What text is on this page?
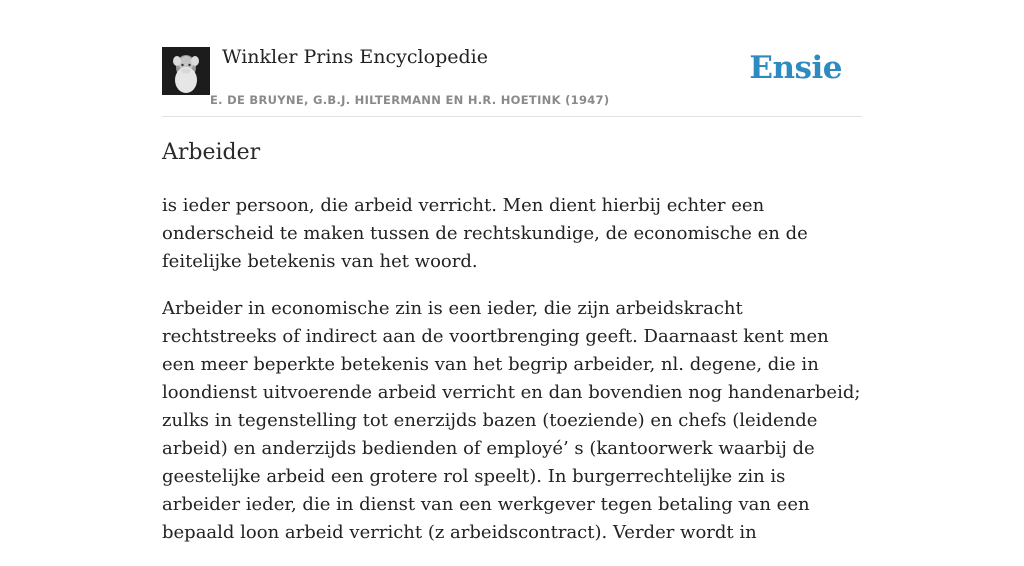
Winkler Prins Encyclopedie
E. DE BRUYNE, G.B.J. HILTERMANN EN H.R. HOETINK (1947)
Ensie
Arbeider

is ieder persoon, die arbeid verricht. Men dient hierbij echter een onderscheid te maken tussen de rechtskundige, de economische en de feitelijke betekenis van het woord.

Arbeider in economische zin is een ieder, die zijn arbeidskracht rechtstreeks of indirect aan de voortbrenging geeft. Daarnaast kent men een meer beperkte betekenis van het begrip arbeider, nl. degene, die in loondienst uitvoerende arbeid verricht en dan bovendien nog handenarbeid; zulks in tegenstelling tot enerzijds bazen (toeziende) en chefs (leidende arbeid) en anderzijds bedienden of employé’ s (kantoorwerk waarbij de geestelijke arbeid een grotere rol speelt). In burgerrechtelijke zin is arbeider ieder, die in dienst van een werkgever tegen betaling van een bepaald loon arbeid verricht (z arbeidscontract). Verder wordt in
